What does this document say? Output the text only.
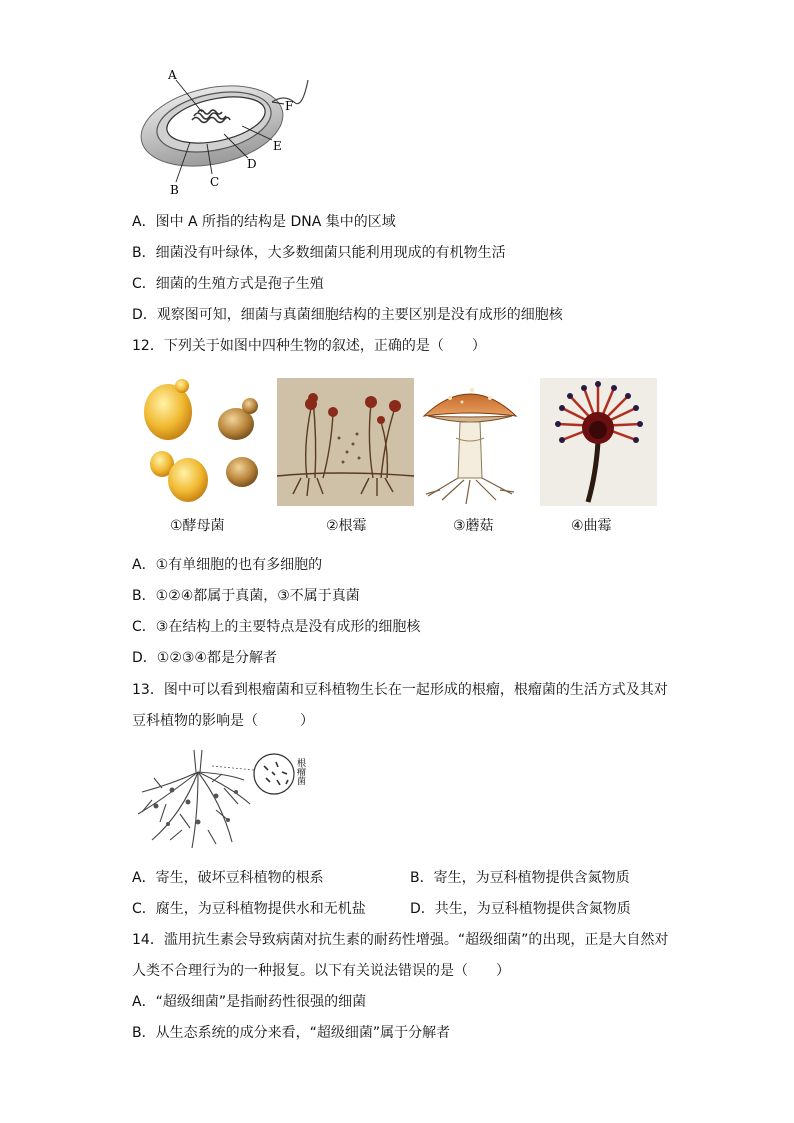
A
B
C
D
E
F
A．图中 A 所指的结构是 DNA 集中的区域
B．细菌没有叶绿体，大多数细菌只能利用现成的有机物生活
C．细菌的生殖方式是孢子生殖
D．观察图可知，细菌与真菌细胞结构的主要区别是没有成形的细胞核
12．下列关于如图中四种生物的叙述，正确的是（　　）
①酵母菌	②根霉	③蘑菇	④曲霉
A．①有单细胞的也有多细胞的
B．①②④都属于真菌，③不属于真菌
C．③在结构上的主要特点是没有成形的细胞核
D．①②③④都是分解者
13．图中可以看到根瘤菌和豆科植物生长在一起形成的根瘤，根瘤菌的生活方式及其对
豆科植物的影响是（　　　）
根瘤菌
A．寄生，破坏豆科植物的根系	B．寄生，为豆科植物提供含氮物质
C．腐生，为豆科植物提供水和无机盐	D．共生，为豆科植物提供含氮物质
14．滥用抗生素会导致病菌对抗生素的耐药性增强。“超级细菌”的出现，正是大自然对
人类不合理行为的一种报复。以下有关说法错误的是（　　）
A．“超级细菌”是指耐药性很强的细菌
B．从生态系统的成分来看，“超级细菌”属于分解者
